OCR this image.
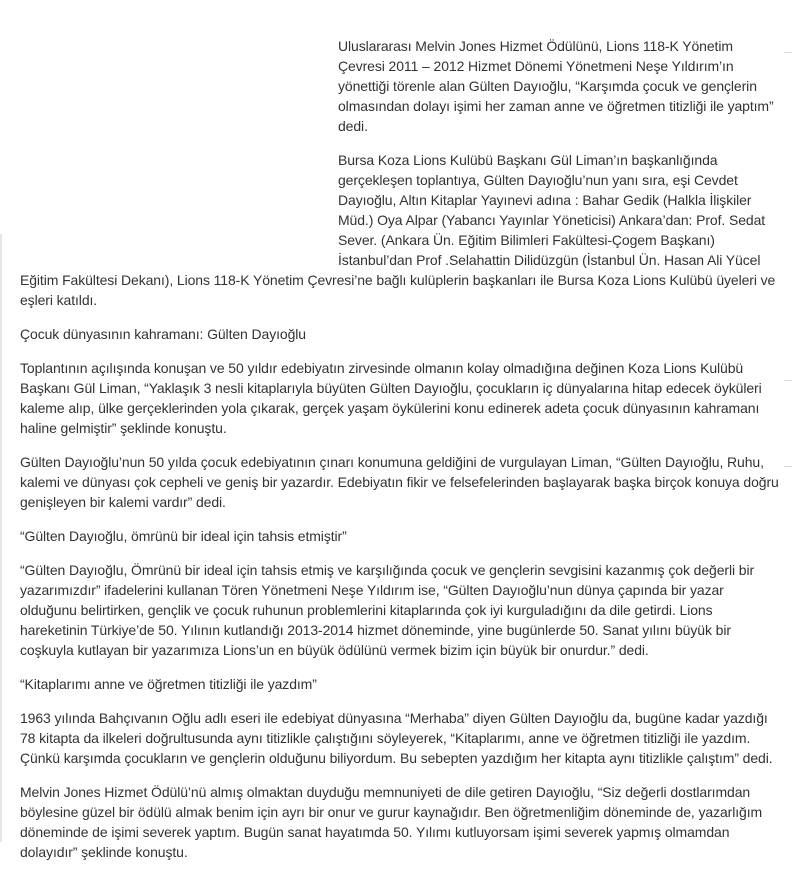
Uluslararası Melvin Jones Hizmet Ödülünü, Lions 118-K Yönetim Çevresi 2011 – 2012 Hizmet Dönemi Yönetmeni Neşe Yıldırım’ın yönettiği törenle alan Gülten Dayıoğlu, “Karşımda çocuk ve gençlerin olmasından dolayı işimi her zaman anne ve öğretmen titizliği ile yaptım” dedi.

Bursa Koza Lions Kulübü Başkanı Gül Liman’ın başkanlığında gerçekleşen toplantıya, Gülten Dayıoğlu’nun yanı sıra, eşi Cevdet Dayıoğlu, Altın Kitaplar Yayınevi adına : Bahar Gedik (Halkla İlişkiler Müd.) Oya Alpar (Yabancı Yayınlar Yöneticisi) Ankara’dan: Prof. Sedat Sever. (Ankara Ün. Eğitim Bilimleri Fakültesi-Çogem Başkanı) İstanbul’dan Prof .Selahattin Dilidüzgün (İstanbul Ün. Hasan Ali Yücel Eğitim Fakültesi Dekanı), Lions 118-K Yönetim Çevresi’ne bağlı kulüplerin başkanları ile Bursa Koza Lions Kulübü üyeleri ve eşleri katıldı.

Çocuk dünyasının kahramanı: Gülten Dayıoğlu

Toplantının açılışında konuşan ve 50 yıldır edebiyatın zirvesinde olmanın kolay olmadığına değinen Koza Lions Kulübü Başkanı Gül Liman, “Yaklaşık 3 nesli kitaplarıyla büyüten Gülten Dayıoğlu, çocukların iç dünyalarına hitap edecek öyküleri kaleme alıp, ülke gerçeklerinden yola çıkarak, gerçek yaşam öykülerini konu edinerek adeta çocuk dünyasının kahramanı haline gelmiştir” şeklinde konuştu.

Gülten Dayıoğlu’nun 50 yılda çocuk edebiyatının çınarı konumuna geldiğini de vurgulayan Liman, “Gülten Dayıoğlu, Ruhu, kalemi ve dünyası çok cepheli ve geniş bir yazardır. Edebiyatın fikir ve felsefelerinden başlayarak başka birçok konuya doğru genişleyen bir kalemi vardır” dedi.

“Gülten Dayıoğlu, ömrünü bir ideal için tahsis etmiştir”

“Gülten Dayıoğlu, Ömrünü bir ideal için tahsis etmiş ve karşılığında çocuk ve gençlerin sevgisini kazanmış çok değerli bir yazarımızdır” ifadelerini kullanan Tören Yönetmeni Neşe Yıldırım ise, “Gülten Dayıoğlu’nun dünya çapında bir yazar olduğunu belirtirken, gençlik ve çocuk ruhunun problemlerini kitaplarında çok iyi kurguladığını da dile getirdi. Lions hareketinin Türkiye’de 50. Yılının kutlandığı 2013-2014 hizmet döneminde, yine bugünlerde 50. Sanat yılını büyük bir coşkuyla kutlayan bir yazarımıza Lions’un en büyük ödülünü vermek bizim için büyük bir onurdur.” dedi.

“Kitaplarımı anne ve öğretmen titizliği ile yazdım”

1963 yılında Bahçıvanın Oğlu adlı eseri ile edebiyat dünyasına “Merhaba” diyen Gülten Dayıoğlu da, bugüne kadar yazdığı 78 kitapta da ilkeleri doğrultusunda aynı titizlikle çalıştığını söyleyerek, “Kitaplarımı, anne ve öğretmen titizliği ile yazdım. Çünkü karşımda çocukların ve gençlerin olduğunu biliyordum. Bu sebepten yazdığım her kitapta aynı titizlikle çalıştım” dedi.

Melvin Jones Hizmet Ödülü’nü almış olmaktan duyduğu memnuniyeti de dile getiren Dayıoğlu, “Siz değerli dostlarımdan böylesine güzel bir ödülü almak benim için ayrı bir onur ve gurur kaynağıdır. Ben öğretmenliğim döneminde de, yazarlığım döneminde de işimi severek yaptım. Bugün sanat hayatımda 50. Yılımı kutluyorsam işimi severek yapmış olmamdan dolayıdır” şeklinde konuştu.
